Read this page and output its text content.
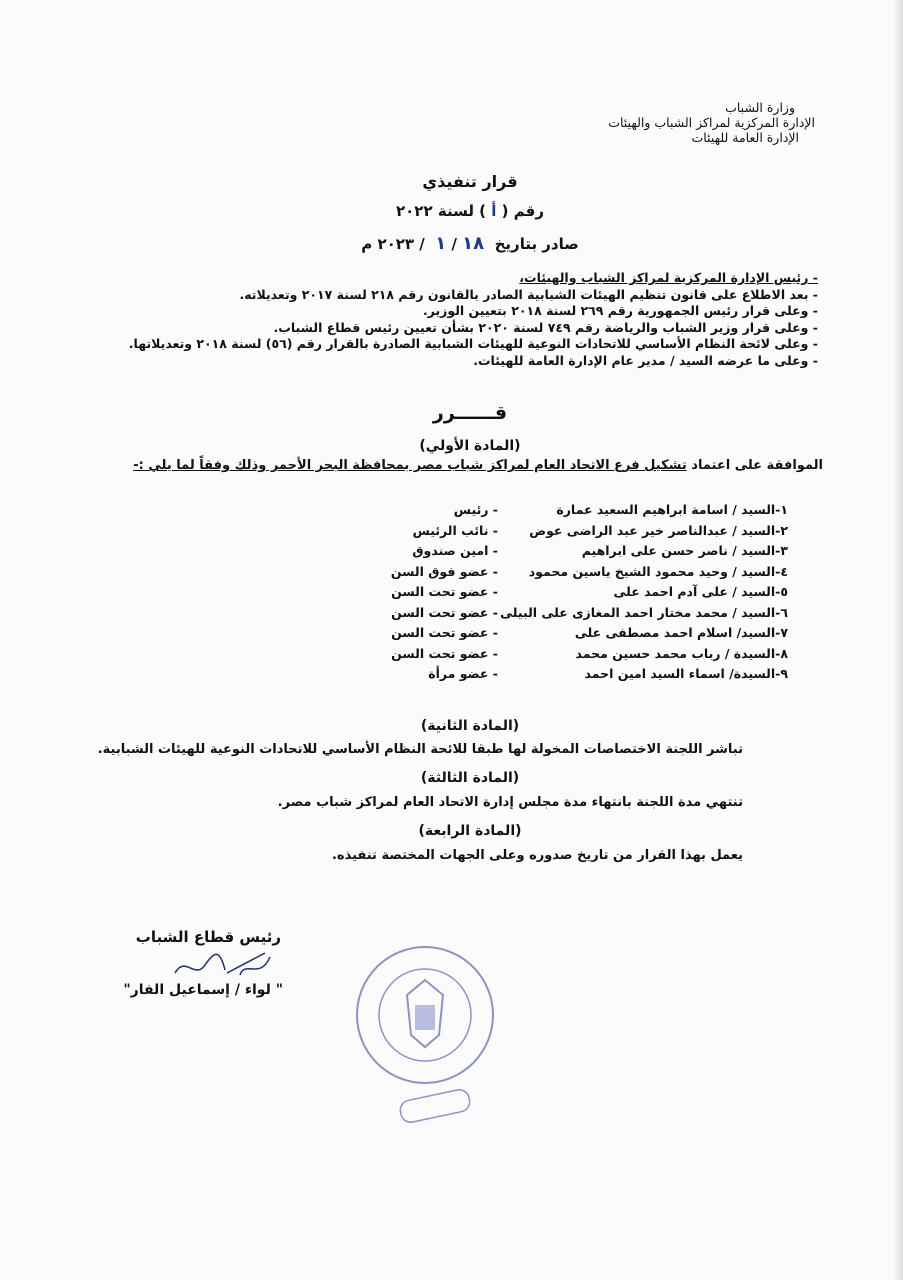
وزارة الشباب
الإدارة المركزية لمراكز الشباب والهيئات
الإدارة العامة للهيئات
قرار تنفيذي
رقم ( أ ) لسنة ٢٠٢٢
صادر بتاريخ  ١٨ / ١  / ٢٠٢٣ م
- رئيس الإدارة المركزية لمراكز الشباب والهيئات،
- بعد الاطلاع على قانون تنظيم الهيئات الشبابية الصادر بالقانون رقم ٢١٨ لسنة ٢٠١٧ وتعديلاته.
- وعلى قرار رئيس الجمهورية رقم ٢٦٩ لسنة ٢٠١٨ بتعيين الوزير.
- وعلى قرار وزير الشباب والرياضة رقم ٧٤٩ لسنة ٢٠٢٠ بشأن تعيين رئيس قطاع الشباب.
- وعلى لائحة النظام الأساسي للاتحادات النوعية للهيئات الشبابية الصادرة بالقرار رقم (٥٦) لسنة ٢٠١٨ وتعديلاتها.
- وعلى ما عرضه السيد / مدير عام الإدارة العامة للهيئات.
قــــــرر
(المادة الأولي)
الموافقة على اعتماد تشكيل فرع الاتحاد العام لمراكز شباب مصر بمحافظة البحر الأحمر وذلك وفقاً لما يلي :-
١-السيد / اسامة ابراهيم السعيد عمارة
- رئيس
٢-السيد / عبدالناصر خير عبد الراضى عوض
- نائب الرئيس
٣-السيد / ناصر حسن على ابراهيم
- امين صندوق
٤-السيد / وحيد محمود الشيخ ياسين محمود
- عضو فوق السن
٥-السيد / على آدم احمد على
- عضو تحت السن
٦-السيد / محمد مختار احمد المغازى على البيلى
- عضو تحت السن
٧-السيد/ اسلام احمد مصطفى على
- عضو تحت السن
٨-السيدة / رباب محمد حسين محمد
- عضو تحت السن
٩-السيدة/ اسماء السيد امين احمد
- عضو مرأة
(المادة الثانية)
تباشر اللجنة الاختصاصات المخولة لها طبقا للائحة النظام الأساسي للاتحادات النوعية للهيئات الشبابية.
(المادة الثالثة)
تنتهي مدة اللجنة بانتهاء مدة مجلس إدارة الاتحاد العام لمراكز شباب مصر.
(المادة الرابعة)
يعمل بهذا القرار من تاريخ صدوره وعلى الجهات المختصة تنفيذه.
رئيس قطاع الشباب
" لواء / إسماعيل الفار"
